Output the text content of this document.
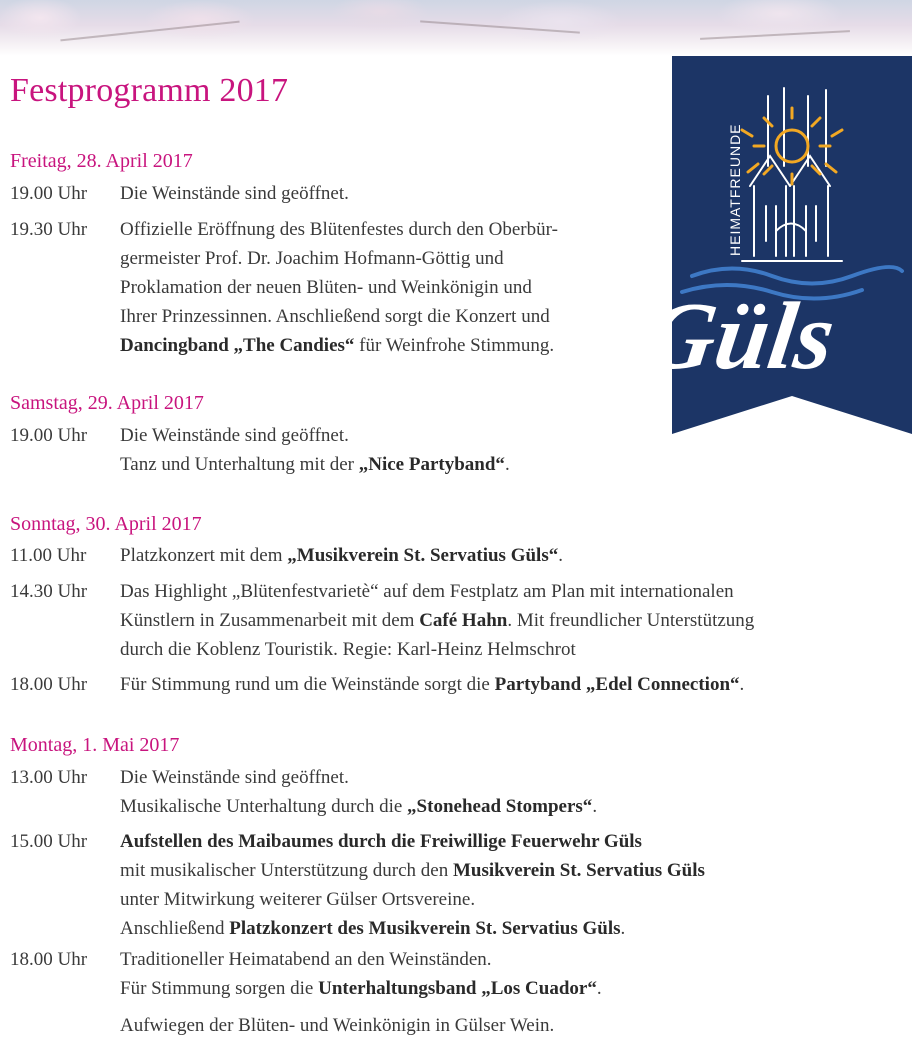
Festprogramm 2017
Freitag, 28. April 2017
19.00 Uhr	Die Weinstände sind geöffnet.
19.30 Uhr	Offizielle Eröffnung des Blütenfestes durch den Oberbür-
germeister Prof. Dr. Joachim Hofmann-Göttig und
Proklamation der neuen Blüten- und Weinkönigin und
Ihrer Prinzessinnen. Anschließend sorgt die Konzert und
Dancingband „The Candies“ für Weinfrohe Stimmung.
Samstag, 29. April 2017
19.00 Uhr	Die Weinstände sind geöffnet.
Tanz und Unterhaltung mit der „Nice Partyband“.
Sonntag, 30. April 2017
11.00 Uhr	Platzkonzert mit dem „Musikverein St. Servatius Güls“.
14.30 Uhr	Das Highlight „Blütenfestvarietè“ auf dem Festplatz am Plan mit internationalen
Künstlern in Zusammenarbeit mit dem Café Hahn. Mit freundlicher Unterstützung
durch die Koblenz Touristik. Regie: Karl-Heinz Helmschrot
18.00 Uhr	Für Stimmung rund um die Weinstände sorgt die Partyband „Edel Connection“.
Montag, 1. Mai 2017
13.00 Uhr	Die Weinstände sind geöffnet.
Musikalische Unterhaltung durch die „Stonehead Stompers“.
15.00 Uhr	Aufstellen des Maibaumes durch die Freiwillige Feuerwehr Güls
mit musikalischer Unterstützung durch den Musikverein St. Servatius Güls
unter Mitwirkung weiterer Gülser Ortsvereine.
Anschließend Platzkonzert des Musikverein St. Servatius Güls.
18.00 Uhr	Traditioneller Heimatabend an den Weinständen.
Für Stimmung sorgen die Unterhaltungsband „Los Cuador“.
Aufwiegen der Blüten- und Weinkönigin in Gülser Wein.
HEIMATFREUNDE
Güls
